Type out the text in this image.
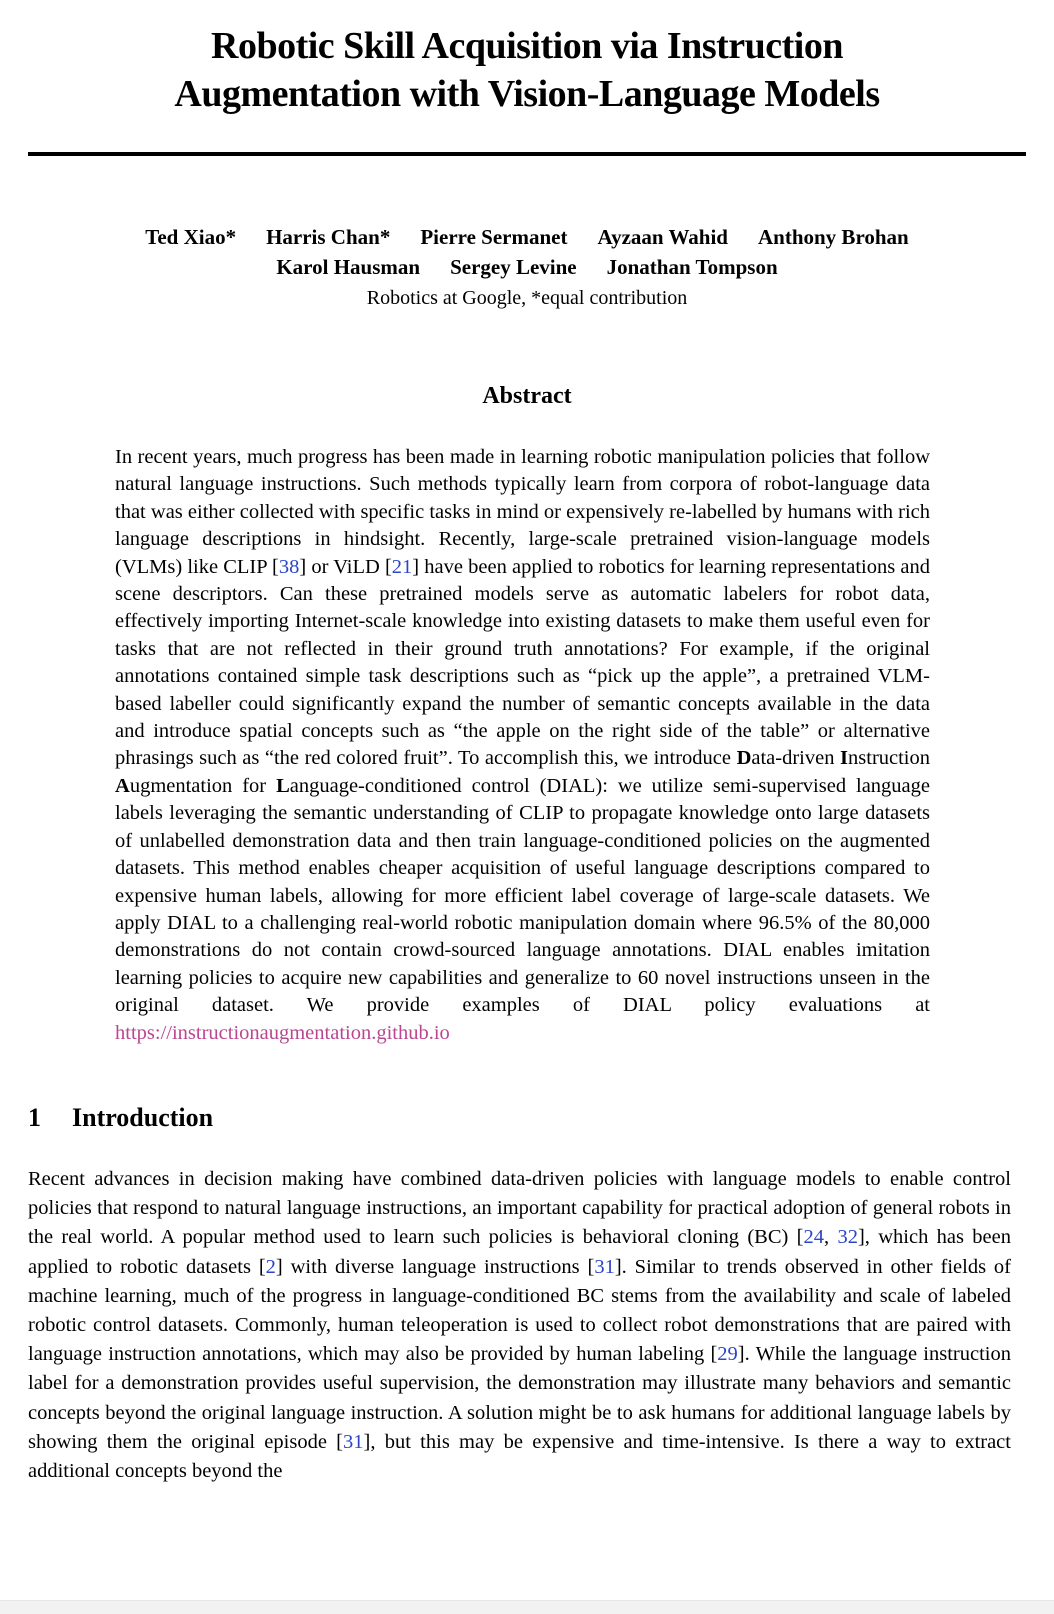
Robotic Skill Acquisition via Instruction
Augmentation with Vision-Language Models
Ted Xiao* Harris Chan* Pierre Sermanet Ayzaan Wahid Anthony Brohan
Karol Hausman Sergey Levine Jonathan Tompson
Robotics at Google, *equal contribution
Abstract
In recent years, much progress has been made in learning robotic manipulation policies that follow natural language instructions. Such methods typically learn from corpora of robot-language data that was either collected with specific tasks in mind or expensively re-labelled by humans with rich language descriptions in hindsight. Recently, large-scale pretrained vision-language models (VLMs) like CLIP [38] or ViLD [21] have been applied to robotics for learning representations and scene descriptors. Can these pretrained models serve as automatic labelers for robot data, effectively importing Internet-scale knowledge into existing datasets to make them useful even for tasks that are not reflected in their ground truth annotations? For example, if the original annotations contained simple task descriptions such as “pick up the apple”, a pretrained VLM-based labeller could significantly expand the number of semantic concepts available in the data and introduce spatial concepts such as “the apple on the right side of the table” or alternative phrasings such as “the red colored fruit”. To accomplish this, we introduce Data-driven Instruction Augmentation for Language-conditioned control (DIAL): we utilize semi-supervised language labels leveraging the semantic understanding of CLIP to propagate knowledge onto large datasets of unlabelled demonstration data and then train language-conditioned policies on the augmented datasets. This method enables cheaper acquisition of useful language descriptions compared to expensive human labels, allowing for more efficient label coverage of large-scale datasets. We apply DIAL to a challenging real-world robotic manipulation domain where 96.5% of the 80,000 demonstrations do not contain crowd-sourced language annotations. DIAL enables imitation learning policies to acquire new capabilities and generalize to 60 novel instructions unseen in the original dataset. We provide examples of DIAL policy evaluations at https://instructionaugmentation.github.io
1 Introduction
Recent advances in decision making have combined data-driven policies with language models to enable control policies that respond to natural language instructions, an important capability for practical adoption of general robots in the real world. A popular method used to learn such policies is behavioral cloning (BC) [24, 32], which has been applied to robotic datasets [2] with diverse language instructions [31]. Similar to trends observed in other fields of machine learning, much of the progress in language-conditioned BC stems from the availability and scale of labeled robotic control datasets. Commonly, human teleoperation is used to collect robot demonstrations that are paired with language instruction annotations, which may also be provided by human labeling [29]. While the language instruction label for a demonstration provides useful supervision, the demonstration may illustrate many behaviors and semantic concepts beyond the original language instruction. A solution might be to ask humans for additional language labels by showing them the original episode [31], but this may be expensive and time-intensive. Is there a way to extract additional concepts beyond the
